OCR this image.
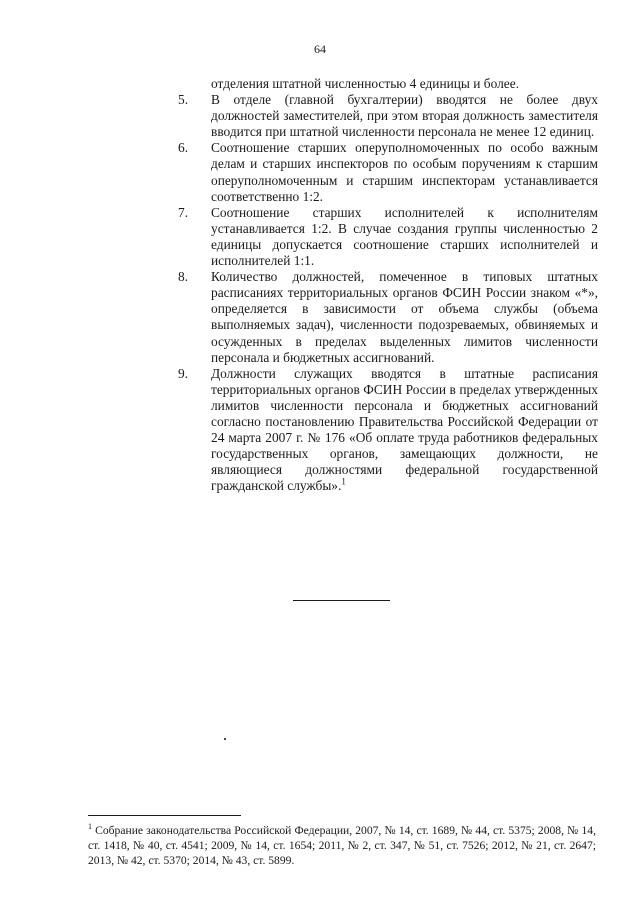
64
отделения штатной численностью 4 единицы и более.
5.	В отделе (главной бухгалтерии) вводятся не более двух должностей заместителей, при этом вторая должность заместителя вводится при штатной численности персонала не менее 12 единиц.
6.	Соотношение старших оперуполномоченных по особо важным делам и старших инспекторов по особым поручениям к старшим оперуполномоченным и старшим инспекторам устанавливается соответственно 1:2.
7.	Соотношение старших исполнителей к исполнителям устанавливается 1:2. В случае создания группы численностью 2 единицы допускается соотношение старших исполнителей и исполнителей 1:1.
8.	Количество должностей, помеченное в типовых штатных расписаниях территориальных органов ФСИН России знаком «*», определяется в зависимости от объема службы (объема выполняемых задач), численности подозреваемых, обвиняемых и осужденных в пределах выделенных лимитов численности персонала и бюджетных ассигнований.
9.	Должности служащих вводятся в штатные расписания территориальных органов ФСИН России в пределах утвержденных лимитов численности персонала и бюджетных ассигнований согласно постановлению Правительства Российской Федерации от 24 марта 2007 г. № 176 «Об оплате труда работников федеральных государственных органов, замещающих должности, не являющиеся должностями федеральной государственной гражданской службы».$^1$
$^1$ Собрание законодательства Российской Федерации, 2007, № 14, ст. 1689, № 44, ст. 5375; 2008, № 14, ст. 1418, № 40, ст. 4541; 2009, № 14, ст. 1654; 2011, № 2, ст. 347, № 51, ст. 7526; 2012, № 21, ст. 2647; 2013, № 42, ст. 5370; 2014, № 43, ст. 5899.
